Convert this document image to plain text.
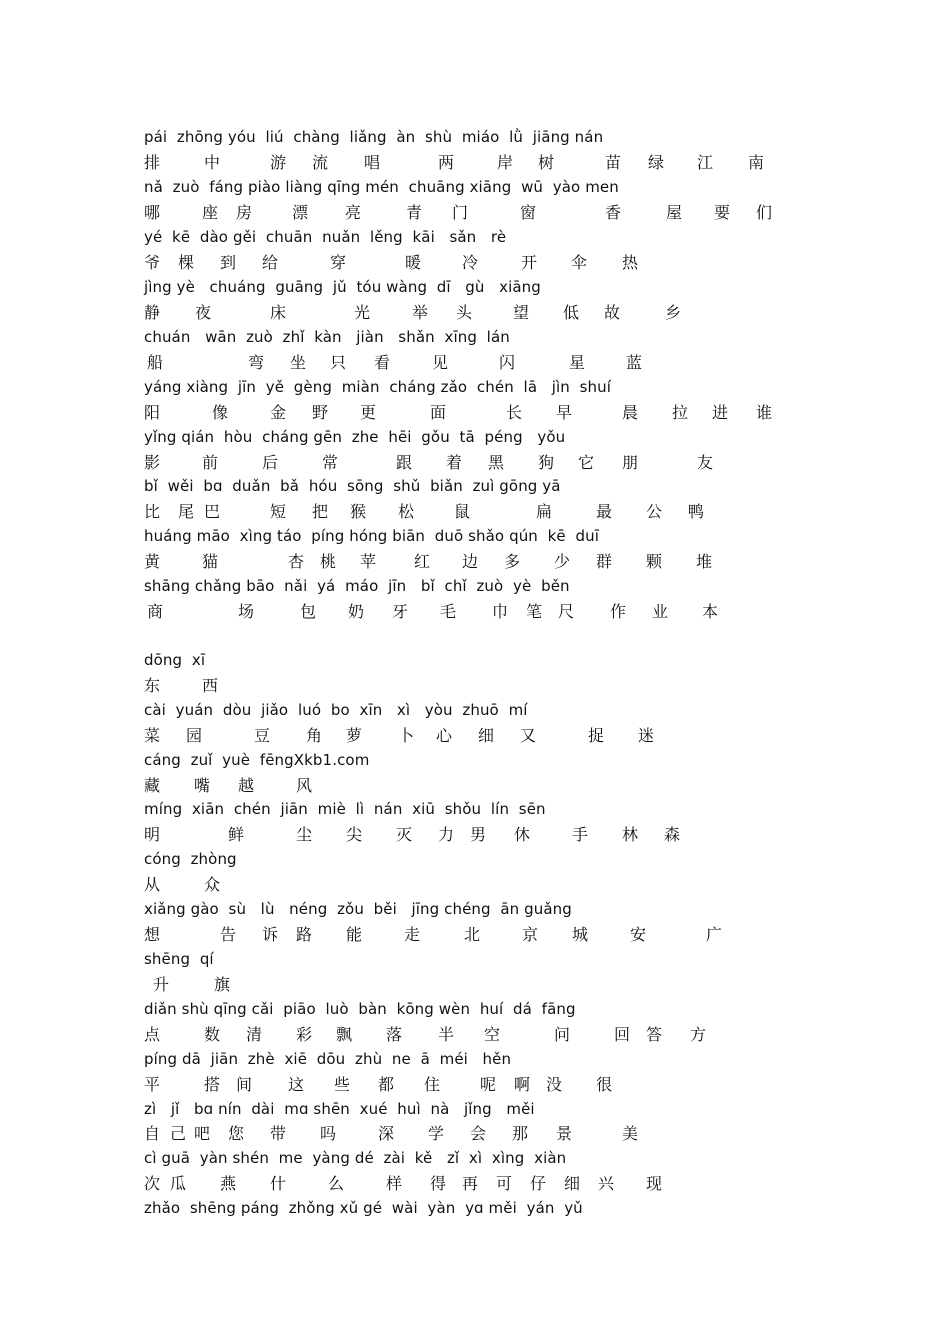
pái  zhōng yóu  liú  chàng  liǎng  àn  shù  miáo  lǜ  jiāng nán
排	中	游 流 唱	两	岸 树	苗 绿 江 南
nǎ  zuò  fáng piào liàng qīng mén  chuāng xiāng  wū  yào men
哪	座 房 漂 亮	青 门	窗	香	屋 要 们
yé  kē  dào gěi  chuān  nuǎn  lěng  kāi   sǎn   rè
爷 棵 到 给	穿	暖	冷	开 伞 热
jìng yè   chuáng  guāng  jǔ  tóu wàng  dī   gù   xiāng
静 夜	床	光	举 头	望 低 故	乡
chuán   wān  zuò  zhǐ  kàn   jiàn   shǎn  xīng  lán
船	弯 坐 只 看	见	闪	星	蓝
yáng xiàng  jīn  yě  gèng  miàn  cháng zǎo  chén  lā   jìn  shuí
阳	像	金 野 更	面	长 早	晨 拉 进 谁
yǐng qián  hòu  cháng gēn  zhe  hēi  gǒu  tā  péng   yǒu
影	前	后	常	跟 着 黑 狗 它 朋	友
bǐ  wěi  bɑ  duǎn  bǎ  hóu  sōng  shǔ  biǎn  zuì gōng yā
比 尾 巴	短 把 猴 松 鼠	扁	最 公 鸭
huáng māo  xìng táo  píng hóng biān  duō shǎo qún  kē  duī
黄	猫	杏 桃 苹 红 边 多 少 群 颗 堆
shāng chǎng bāo  nǎi  yá  máo  jīn   bǐ  chǐ  zuò  yè  běn
商	场	包 奶 牙 毛 巾 笔 尺 作 业 本
dōng  xī
东	西
cài  yuán  dòu  jiǎo  luó  bo  xīn   xì   yòu  zhuō  mí
菜 园	豆 角 萝 卜 心 细 又	捉 迷
cáng  zuǐ  yuè  fēngXkb1.com
藏 嘴 越	风
míng  xiān  chén  jiān  miè  lì  nán  xiū  shǒu  lín  sēn
明	鲜	尘 尖 灭 力 男 休	手 林 森
cóng  zhòng
从	众
xiǎng gào  sù   lù   néng  zǒu  běi   jīng chéng  ān guǎng
想	告 诉 路 能	走	北	京 城	安	广
shēng  qí
升	旗
diǎn shù qīng cǎi  piāo  luò  bàn  kōng wèn  huí  dá  fāng
点	数 清 彩 飘 落 半 空	问	回 答 方
píng dā  jiān  zhè  xiē  dōu  zhù  ne  ā  méi   hěn
平	搭 间 这 些 都 住 呢 啊 没 很
zì   jǐ   bɑ nín  dài  mɑ shēn  xué  huì  nà   jǐng   měi
自 己 吧 您 带 吗	深 学 会 那 景	美
cì guā  yàn shén  me  yàng dé  zài  kě   zǐ  xì  xìng  xiàn
次 瓜 燕 什	么	样 得 再 可 仔 细 兴 现
zhǎo  shēng páng  zhǒng xǔ gé  wài  yàn  yɑ měi  yán  yǔ
